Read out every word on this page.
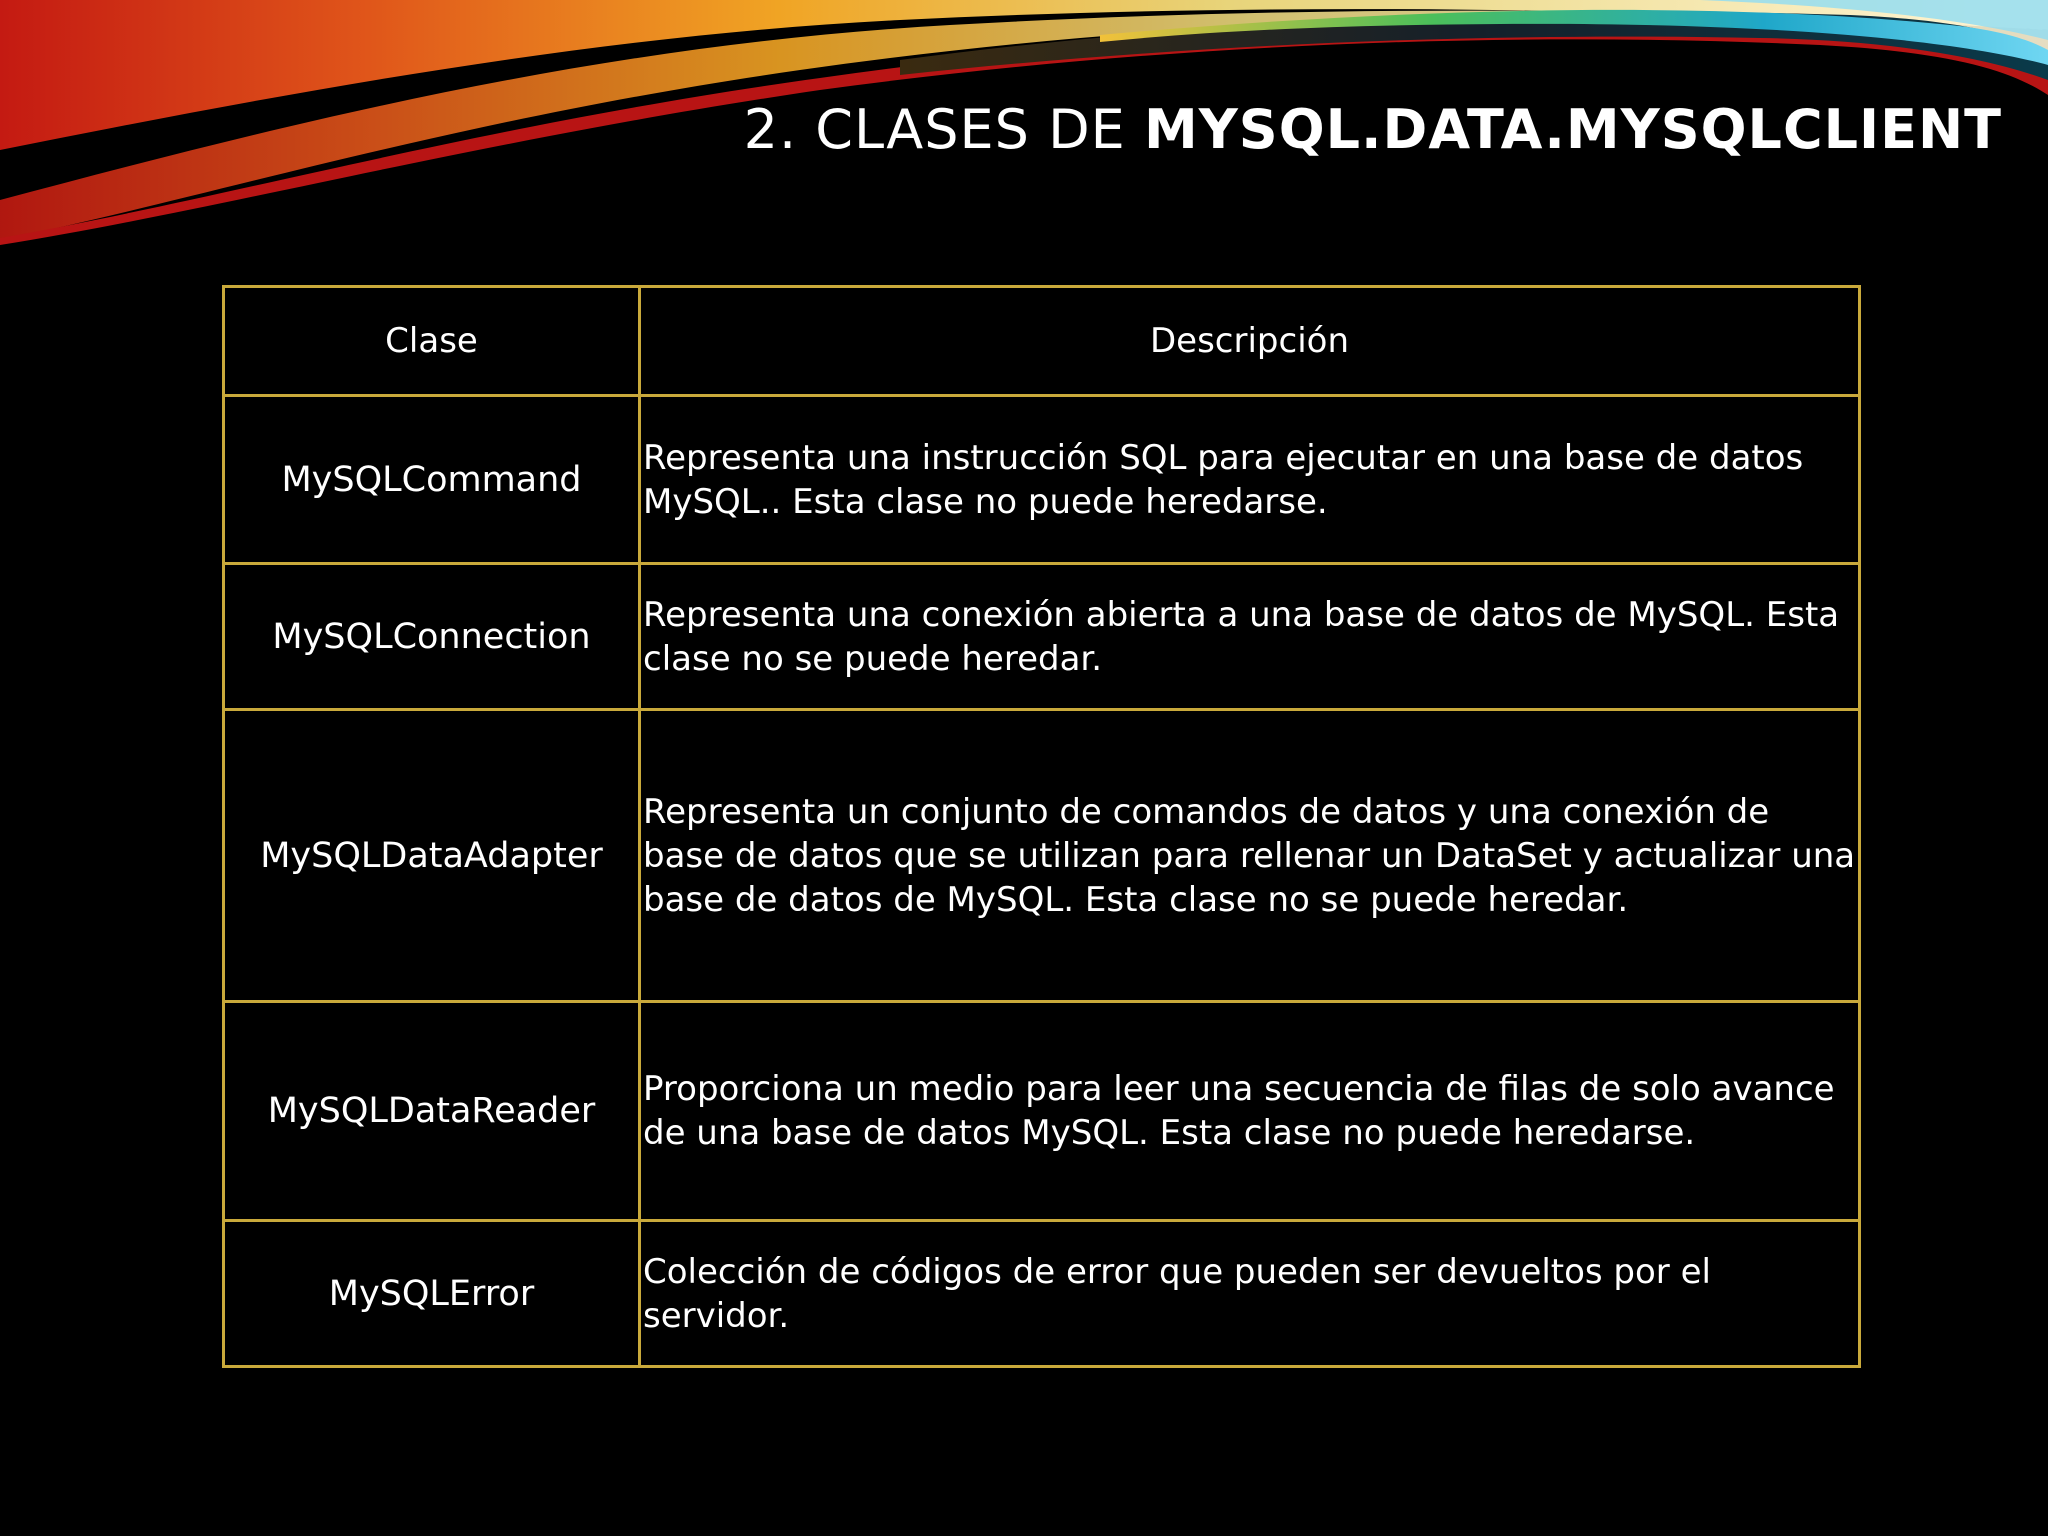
2. CLASES DE MYSQL.DATA.MYSQLCLIENT
Clase	Descripción
MySQLCommand	Representa una instrucción SQL para ejecutar en una base de datos MySQL.. Esta clase no puede heredarse.
MySQLConnection	Representa una conexión abierta a una base de datos de MySQL. Esta clase no se puede heredar.
MySQLDataAdapter	Representa un conjunto de comandos de datos y una conexión de base de datos que se utilizan para rellenar un DataSet y actualizar una base de datos de MySQL. Esta clase no se puede heredar.
MySQLDataReader	Proporciona un medio para leer una secuencia de filas de solo avance de una base de datos MySQL. Esta clase no puede heredarse.
MySQLError	Colección de códigos de error que pueden ser devueltos por el servidor.
